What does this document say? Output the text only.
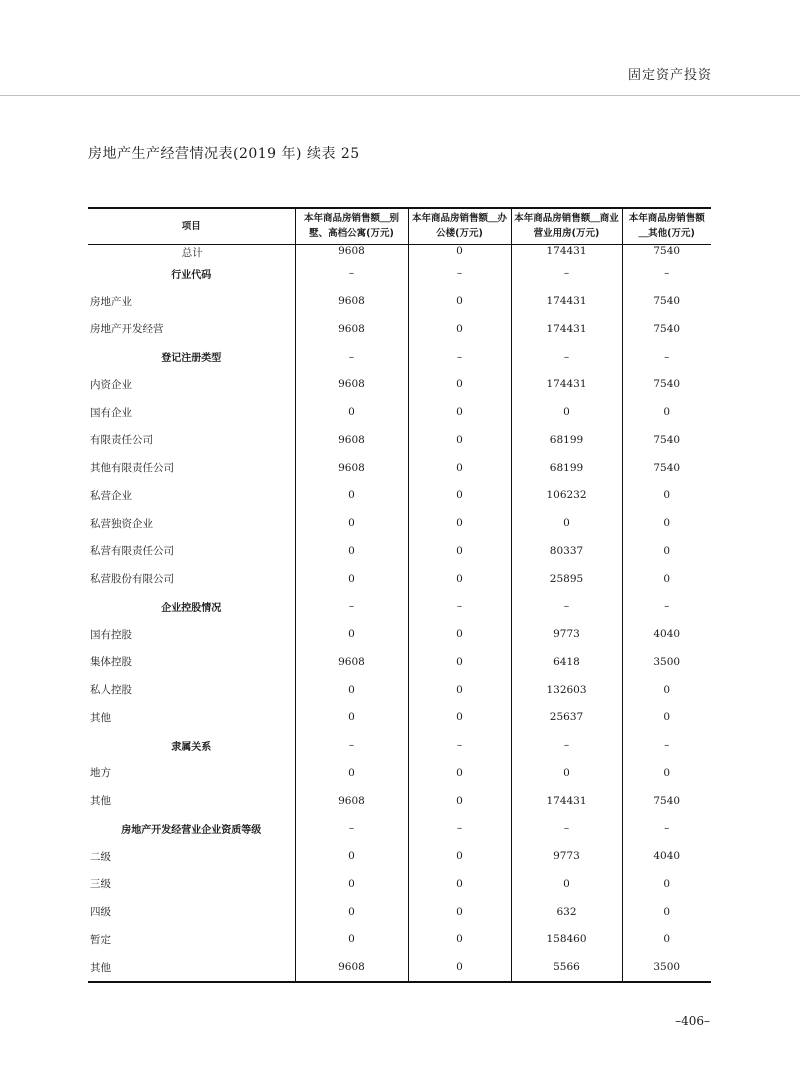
固定资产投资
房地产生产经营情况表(2019 年) 续表 25
项目	本年商品房销售额＿别墅、高档公寓(万元)	本年商品房销售额＿办公楼(万元)	本年商品房销售额＿商业营业用房(万元)	本年商品房销售额＿其他(万元)
总计	9608	0	174431	7540
行业代码	–	–	–	–
房地产业	9608	0	174431	7540
房地产开发经营	9608	0	174431	7540
登记注册类型	–	–	–	–
内资企业	9608	0	174431	7540
国有企业	0	0	0	0
有限责任公司	9608	0	68199	7540
其他有限责任公司	9608	0	68199	7540
私营企业	0	0	106232	0
私营独资企业	0	0	0	0
私营有限责任公司	0	0	80337	0
私营股份有限公司	0	0	25895	0
企业控股情况	–	–	–	–
国有控股	0	0	9773	4040
集体控股	9608	0	6418	3500
私人控股	0	0	132603	0
其他	0	0	25637	0
隶属关系	–	–	–	–
地方	0	0	0	0
其他	9608	0	174431	7540
房地产开发经营业企业资质等级	–	–	–	–
二级	0	0	9773	4040
三级	0	0	0	0
四级	0	0	632	0
暂定	0	0	158460	0
其他	9608	0	5566	3500
–406–
